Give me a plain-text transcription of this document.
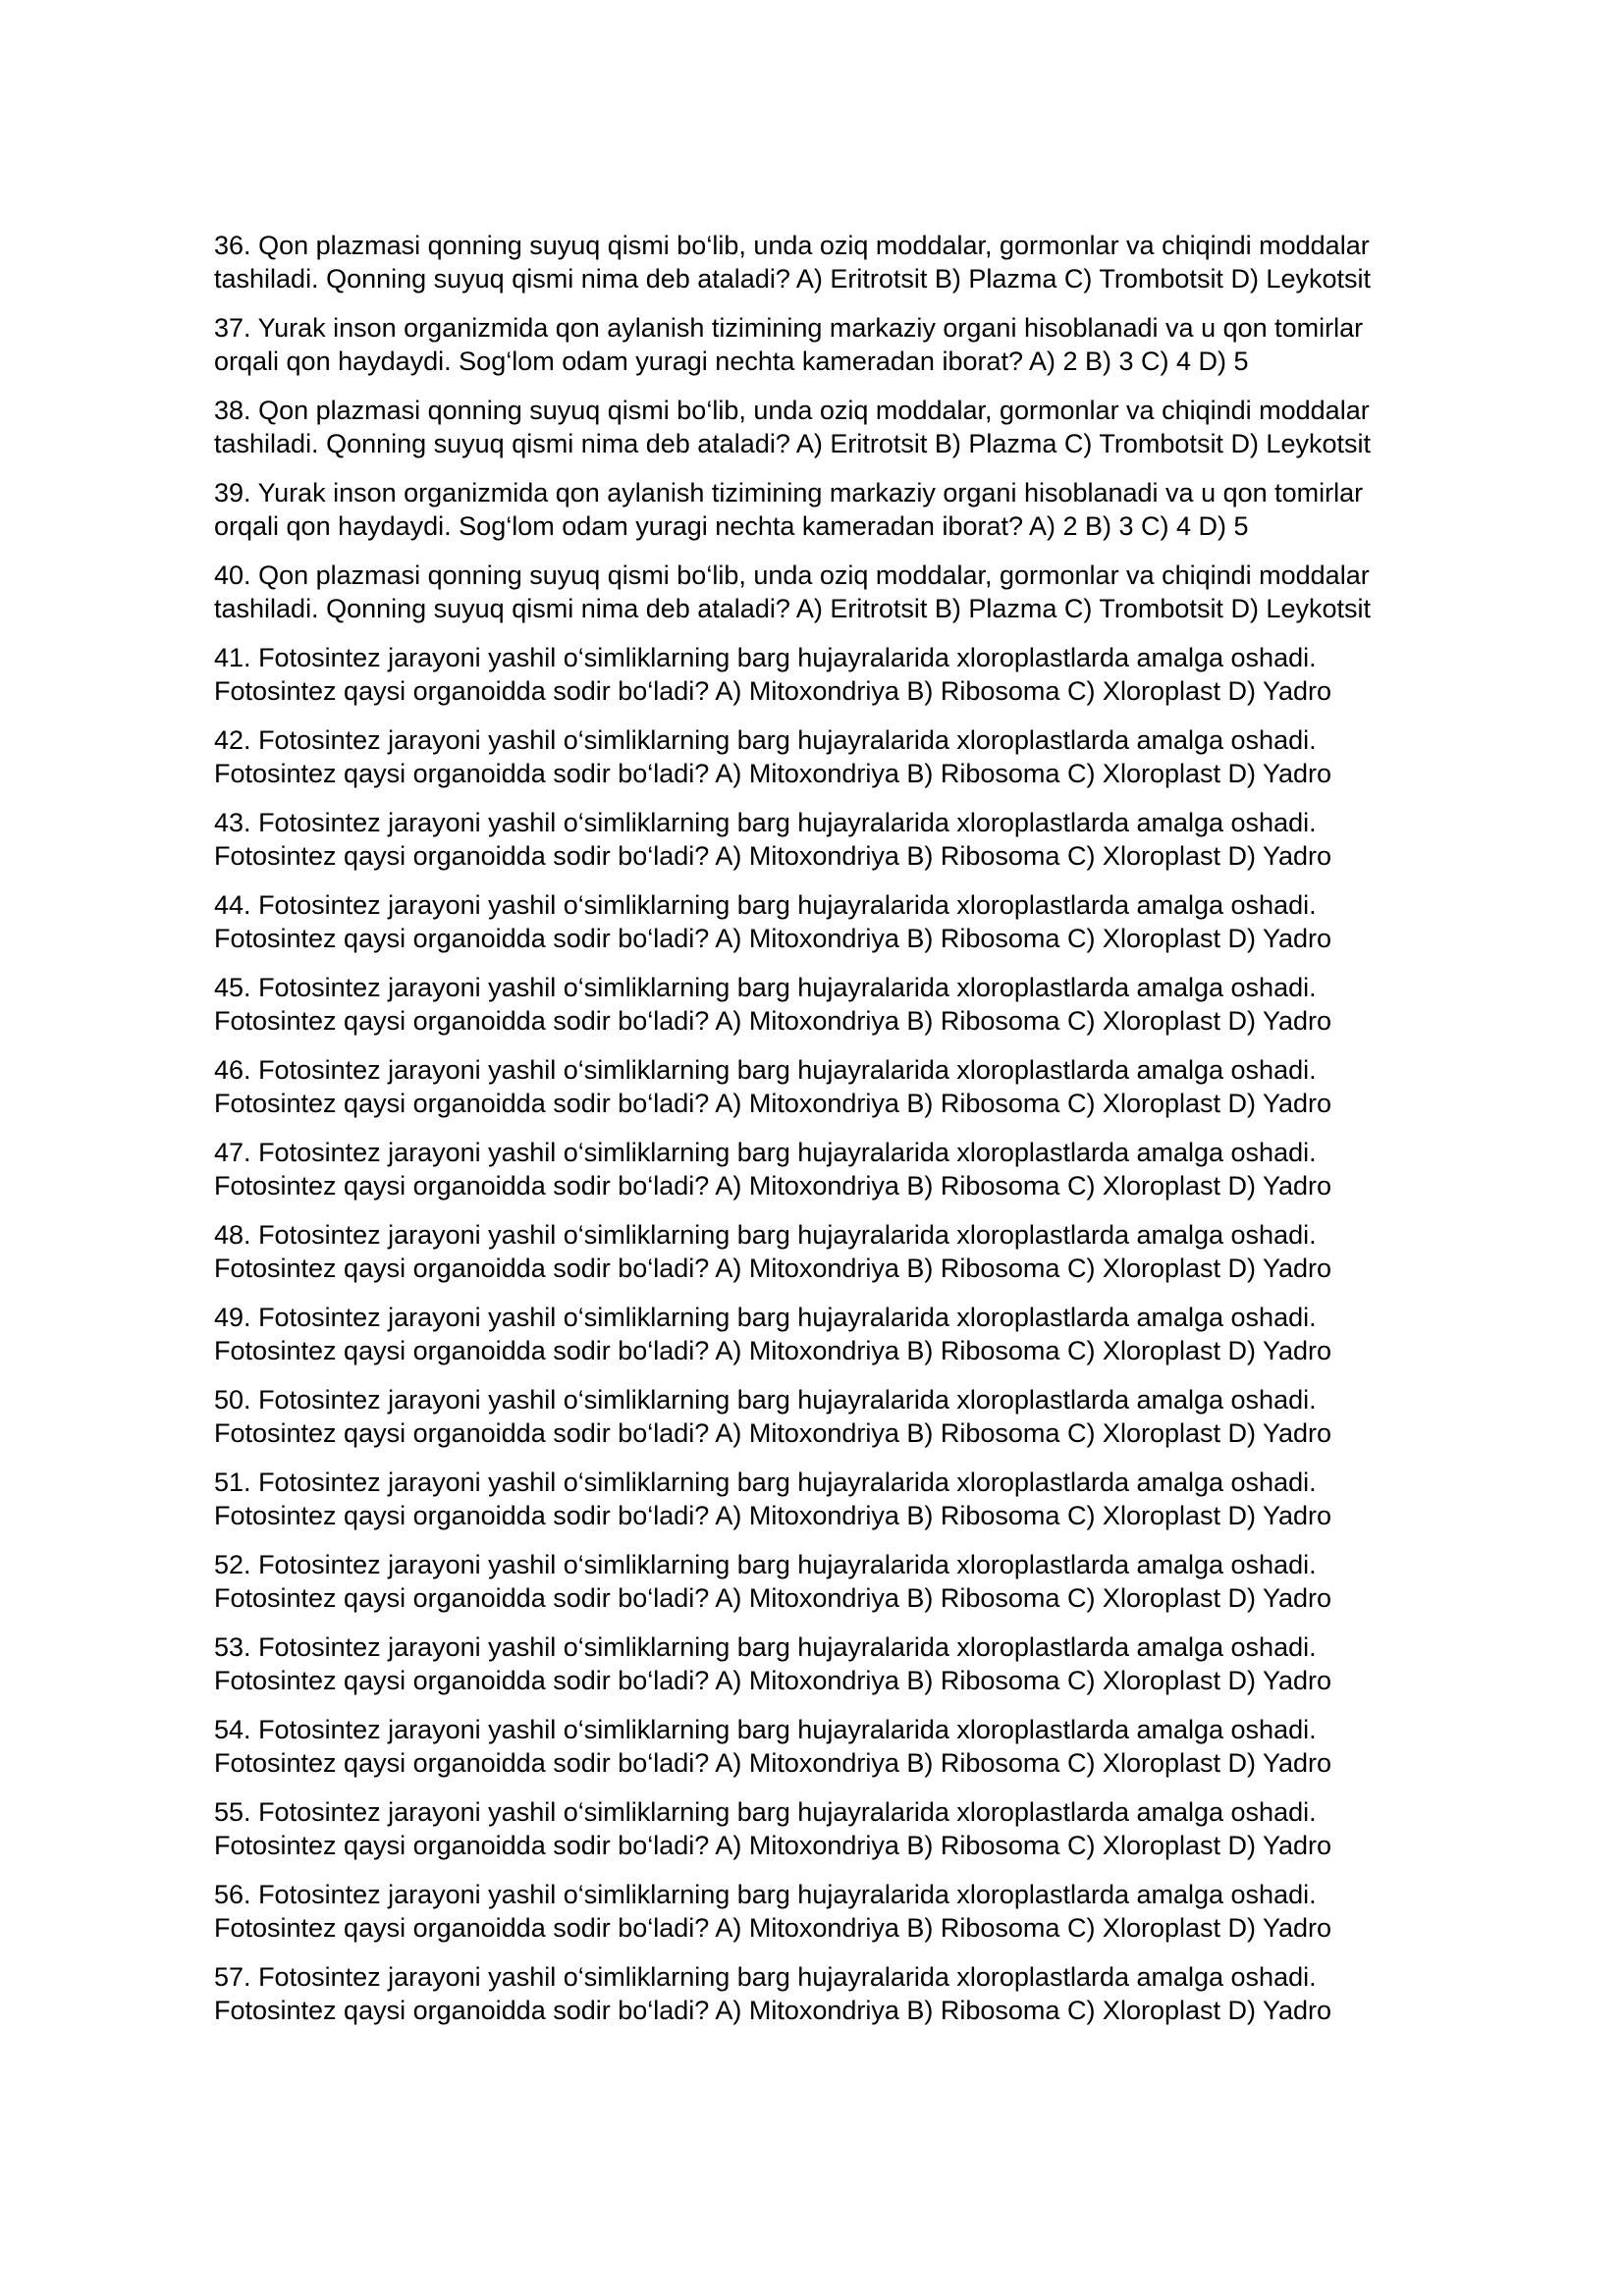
36. Qon plazmasi qonning suyuq qismi bo‘lib, unda oziq moddalar, gormonlar va chiqindi moddalar
tashiladi. Qonning suyuq qismi nima deb ataladi? A) Eritrotsit B) Plazma C) Trombotsit D) Leykotsit

37. Yurak inson organizmida qon aylanish tizimining markaziy organi hisoblanadi va u qon tomirlar
orqali qon haydaydi. Sog‘lom odam yuragi nechta kameradan iborat? A) 2 B) 3 C) 4 D) 5

38. Qon plazmasi qonning suyuq qismi bo‘lib, unda oziq moddalar, gormonlar va chiqindi moddalar
tashiladi. Qonning suyuq qismi nima deb ataladi? A) Eritrotsit B) Plazma C) Trombotsit D) Leykotsit

39. Yurak inson organizmida qon aylanish tizimining markaziy organi hisoblanadi va u qon tomirlar
orqali qon haydaydi. Sog‘lom odam yuragi nechta kameradan iborat? A) 2 B) 3 C) 4 D) 5

40. Qon plazmasi qonning suyuq qismi bo‘lib, unda oziq moddalar, gormonlar va chiqindi moddalar
tashiladi. Qonning suyuq qismi nima deb ataladi? A) Eritrotsit B) Plazma C) Trombotsit D) Leykotsit

41. Fotosintez jarayoni yashil o‘simliklarning barg hujayralarida xloroplastlarda amalga oshadi.
Fotosintez qaysi organoidda sodir bo‘ladi? A) Mitoxondriya B) Ribosoma C) Xloroplast D) Yadro

42. Fotosintez jarayoni yashil o‘simliklarning barg hujayralarida xloroplastlarda amalga oshadi.
Fotosintez qaysi organoidda sodir bo‘ladi? A) Mitoxondriya B) Ribosoma C) Xloroplast D) Yadro

43. Fotosintez jarayoni yashil o‘simliklarning barg hujayralarida xloroplastlarda amalga oshadi.
Fotosintez qaysi organoidda sodir bo‘ladi? A) Mitoxondriya B) Ribosoma C) Xloroplast D) Yadro

44. Fotosintez jarayoni yashil o‘simliklarning barg hujayralarida xloroplastlarda amalga oshadi.
Fotosintez qaysi organoidda sodir bo‘ladi? A) Mitoxondriya B) Ribosoma C) Xloroplast D) Yadro

45. Fotosintez jarayoni yashil o‘simliklarning barg hujayralarida xloroplastlarda amalga oshadi.
Fotosintez qaysi organoidda sodir bo‘ladi? A) Mitoxondriya B) Ribosoma C) Xloroplast D) Yadro

46. Fotosintez jarayoni yashil o‘simliklarning barg hujayralarida xloroplastlarda amalga oshadi.
Fotosintez qaysi organoidda sodir bo‘ladi? A) Mitoxondriya B) Ribosoma C) Xloroplast D) Yadro

47. Fotosintez jarayoni yashil o‘simliklarning barg hujayralarida xloroplastlarda amalga oshadi.
Fotosintez qaysi organoidda sodir bo‘ladi? A) Mitoxondriya B) Ribosoma C) Xloroplast D) Yadro

48. Fotosintez jarayoni yashil o‘simliklarning barg hujayralarida xloroplastlarda amalga oshadi.
Fotosintez qaysi organoidda sodir bo‘ladi? A) Mitoxondriya B) Ribosoma C) Xloroplast D) Yadro

49. Fotosintez jarayoni yashil o‘simliklarning barg hujayralarida xloroplastlarda amalga oshadi.
Fotosintez qaysi organoidda sodir bo‘ladi? A) Mitoxondriya B) Ribosoma C) Xloroplast D) Yadro

50. Fotosintez jarayoni yashil o‘simliklarning barg hujayralarida xloroplastlarda amalga oshadi.
Fotosintez qaysi organoidda sodir bo‘ladi? A) Mitoxondriya B) Ribosoma C) Xloroplast D) Yadro

51. Fotosintez jarayoni yashil o‘simliklarning barg hujayralarida xloroplastlarda amalga oshadi.
Fotosintez qaysi organoidda sodir bo‘ladi? A) Mitoxondriya B) Ribosoma C) Xloroplast D) Yadro

52. Fotosintez jarayoni yashil o‘simliklarning barg hujayralarida xloroplastlarda amalga oshadi.
Fotosintez qaysi organoidda sodir bo‘ladi? A) Mitoxondriya B) Ribosoma C) Xloroplast D) Yadro

53. Fotosintez jarayoni yashil o‘simliklarning barg hujayralarida xloroplastlarda amalga oshadi.
Fotosintez qaysi organoidda sodir bo‘ladi? A) Mitoxondriya B) Ribosoma C) Xloroplast D) Yadro

54. Fotosintez jarayoni yashil o‘simliklarning barg hujayralarida xloroplastlarda amalga oshadi.
Fotosintez qaysi organoidda sodir bo‘ladi? A) Mitoxondriya B) Ribosoma C) Xloroplast D) Yadro

55. Fotosintez jarayoni yashil o‘simliklarning barg hujayralarida xloroplastlarda amalga oshadi.
Fotosintez qaysi organoidda sodir bo‘ladi? A) Mitoxondriya B) Ribosoma C) Xloroplast D) Yadro

56. Fotosintez jarayoni yashil o‘simliklarning barg hujayralarida xloroplastlarda amalga oshadi.
Fotosintez qaysi organoidda sodir bo‘ladi? A) Mitoxondriya B) Ribosoma C) Xloroplast D) Yadro

57. Fotosintez jarayoni yashil o‘simliklarning barg hujayralarida xloroplastlarda amalga oshadi.
Fotosintez qaysi organoidda sodir bo‘ladi? A) Mitoxondriya B) Ribosoma C) Xloroplast D) Yadro
